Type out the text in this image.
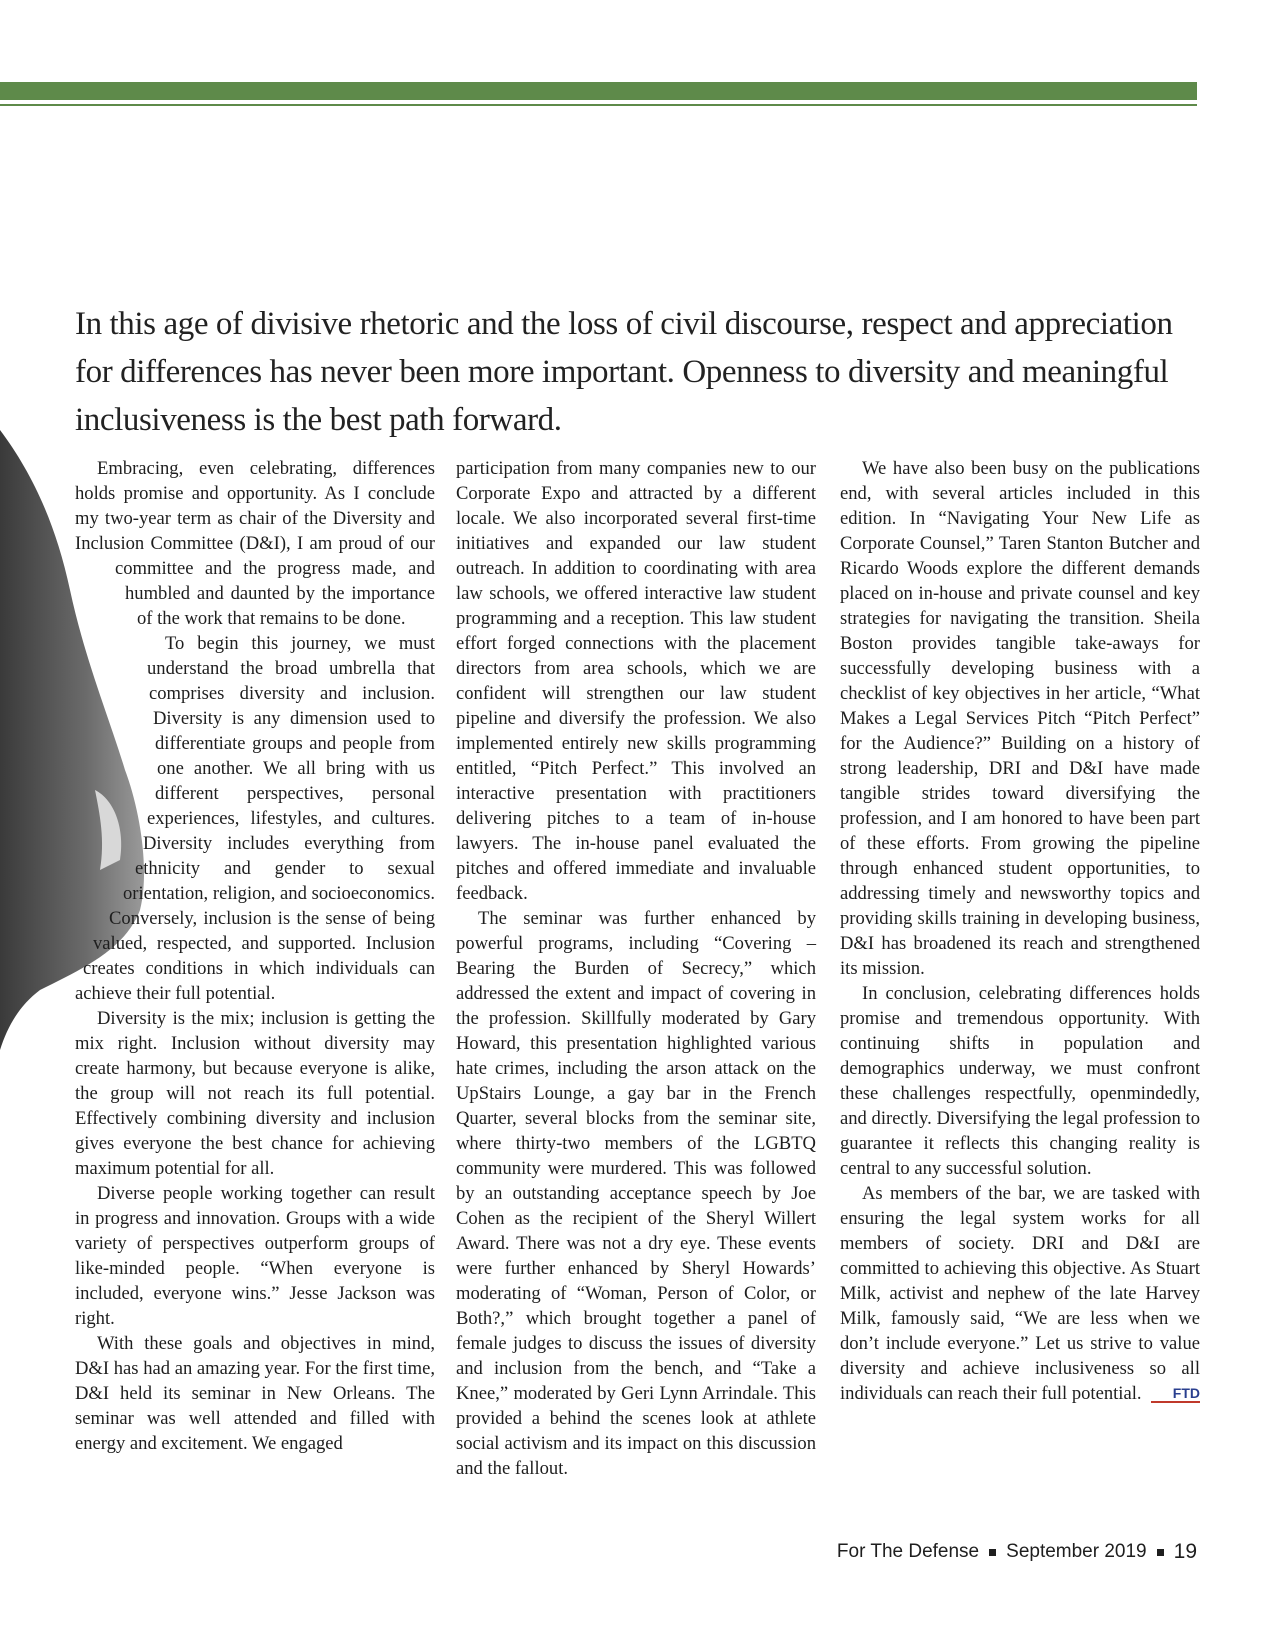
In this age of divisive rhetoric and the loss of civil discourse, respect and appreciation for differences has never been more important. Openness to diversity and meaningful inclusiveness is the best path forward.

Embracing, even celebrating, differences holds promise and opportunity. As I conclude my two-year term as chair of the Diversity and Inclusion Committee (D&I), I am proud of our committee and the progress made, and humbled and daunted by the importance of the work that remains to be done.

To begin this journey, we must understand the broad umbrella that comprises diversity and inclusion. Diversity is any dimension used to differentiate groups and people from one another. We all bring with us different perspectives, personal experiences, lifestyles, and cultures. Diversity includes everything from ethnicity and gender to sexual orientation, religion, and socioeconomics. Conversely, inclusion is the sense of being valued, respected, and supported. Inclusion creates conditions in which individuals can achieve their full potential.

Diversity is the mix; inclusion is getting the mix right. Inclusion without diversity may create harmony, but because everyone is alike, the group will not reach its full potential. Effectively combining diversity and inclusion gives everyone the best chance for achieving maximum potential for all.

Diverse people working together can result in progress and innovation. Groups with a wide variety of perspectives outperform groups of like-minded people. “When everyone is included, everyone wins.” Jesse Jackson was right.

With these goals and objectives in mind, D&I has had an amazing year. For the first time, D&I held its seminar in New Orleans. The seminar was well attended and filled with energy and excitement. We engaged

participation from many companies new to our Corporate Expo and attracted by a different locale. We also incorporated several first-time initiatives and expanded our law student outreach. In addition to coordinating with area law schools, we offered interactive law student programming and a reception. This law student effort forged connections with the placement directors from area schools, which we are confident will strengthen our law student pipeline and diversify the profession. We also implemented entirely new skills programming entitled, “Pitch Perfect.” This involved an interactive presentation with practitioners delivering pitches to a team of in-house lawyers. The in-house panel evaluated the pitches and offered immediate and invaluable feedback.

The seminar was further enhanced by powerful programs, including “Covering – Bearing the Burden of Secrecy,” which addressed the extent and impact of covering in the profession. Skillfully moderated by Gary Howard, this presentation highlighted various hate crimes, including the arson attack on the UpStairs Lounge, a gay bar in the French Quarter, several blocks from the seminar site, where thirty-two members of the LGBTQ community were murdered. This was followed by an outstanding acceptance speech by Joe Cohen as the recipient of the Sheryl Willert Award. There was not a dry eye. These events were further enhanced by Sheryl Howards’ moderating of “Woman, Person of Color, or Both?,” which brought together a panel of female judges to discuss the issues of diversity and inclusion from the bench, and “Take a Knee,” moderated by Geri Lynn Arrindale. This provided a behind the scenes look at athlete social activism and its impact on this discussion and the fallout.

We have also been busy on the publications end, with several articles included in this edition. In “Navigating Your New Life as Corporate Counsel,” Taren Stanton Butcher and Ricardo Woods explore the different demands placed on in-house and private counsel and key strategies for navigating the transition. Sheila Boston provides tangible take-aways for successfully developing business with a checklist of key objectives in her article, “What Makes a Legal Services Pitch “Pitch Perfect” for the Audience?” Building on a history of strong leadership, DRI and D&I have made tangible strides toward diversifying the profession, and I am honored to have been part of these efforts. From growing the pipeline through enhanced student opportunities, to addressing timely and newsworthy topics and providing skills training in developing business, D&I has broadened its reach and strengthened its mission.

In conclusion, celebrating differences holds promise and tremendous opportunity. With continuing shifts in population and demographics underway, we must confront these challenges respectfully, openmindedly, and directly. Diversifying the legal profession to guarantee it reflects this changing reality is central to any successful solution.

As members of the bar, we are tasked with ensuring the legal system works for all members of society. DRI and D&I are committed to achieving this objective. As Stuart Milk, activist and nephew of the late Harvey Milk, famously said, “We are less when we don’t include everyone.” Let us strive to value diversity and achieve inclusiveness so all individuals can reach their full potential.	FTD

For The Defense September 2019 19
